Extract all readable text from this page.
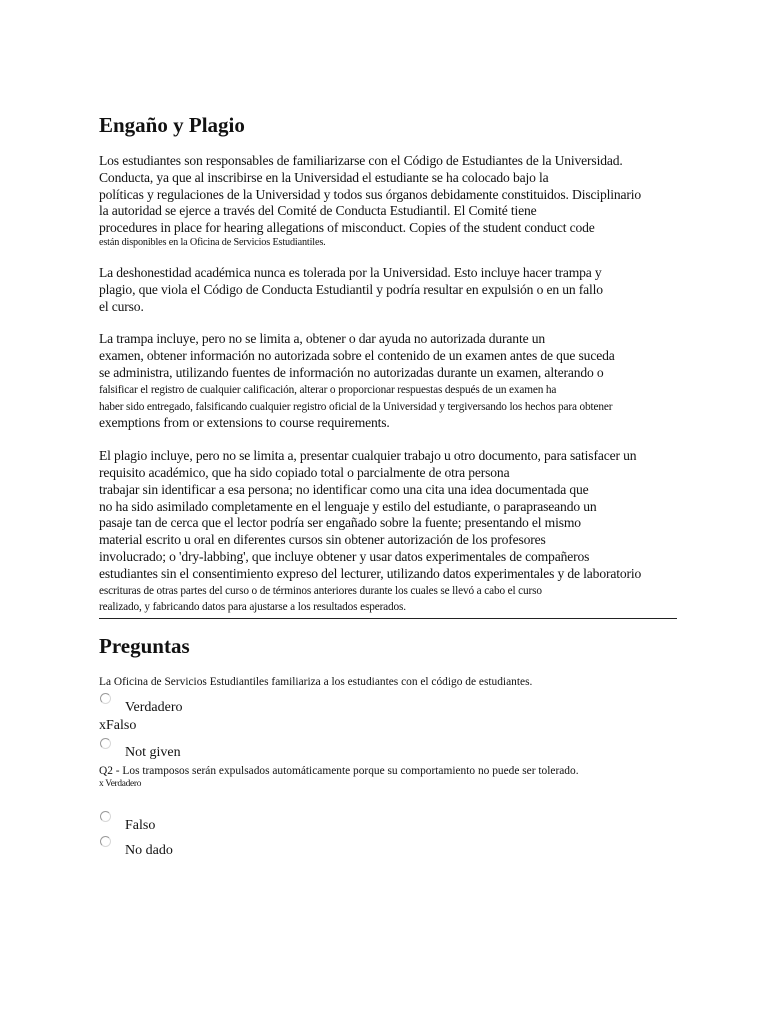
Engaño y Plagio
Los estudiantes son responsables de familiarizarse con el Código de Estudiantes de la Universidad.
Conducta, ya que al inscribirse en la Universidad el estudiante se ha colocado bajo la
políticas y regulaciones de la Universidad y todos sus órganos debidamente constituidos. Disciplinario
la autoridad se ejerce a través del Comité de Conducta Estudiantil. El Comité tiene
procedures in place for hearing allegations of misconduct. Copies of the student conduct code
están disponibles en la Oficina de Servicios Estudiantiles.
La deshonestidad académica nunca es tolerada por la Universidad. Esto incluye hacer trampa y
plagio, que viola el Código de Conducta Estudiantil y podría resultar en expulsión o en un fallo
el curso.
La trampa incluye, pero no se limita a, obtener o dar ayuda no autorizada durante un
examen, obtener información no autorizada sobre el contenido de un examen antes de que suceda
se administra, utilizando fuentes de información no autorizadas durante un examen, alterando o
falsificar el registro de cualquier calificación, alterar o proporcionar respuestas después de un examen ha
haber sido entregado, falsificando cualquier registro oficial de la Universidad y tergiversando los hechos para obtener
exemptions from or extensions to course requirements.
El plagio incluye, pero no se limita a, presentar cualquier trabajo u otro documento, para satisfacer un
requisito académico, que ha sido copiado total o parcialmente de otra persona
trabajar sin identificar a esa persona; no identificar como una cita una idea documentada que
no ha sido asimilado completamente en el lenguaje y estilo del estudiante, o parapraseando un
pasaje tan de cerca que el lector podría ser engañado sobre la fuente; presentando el mismo
material escrito u oral en diferentes cursos sin obtener autorización de los profesores
involucrado; o 'dry-labbing', que incluye obtener y usar datos experimentales de compañeros
estudiantes sin el consentimiento expreso del lecturer, utilizando datos experimentales y de laboratorio
escrituras de otras partes del curso o de términos anteriores durante los cuales se llevó a cabo el curso
realizado, y fabricando datos para ajustarse a los resultados esperados.
Preguntas

La Oficina de Servicios Estudiantiles familiariza a los estudiantes con el código de estudiantes.

Verdadero
xFalso
Not given

Q2 - Los tramposos serán expulsados automáticamente porque su comportamiento no puede ser tolerado.

x Verdadero
Falso
No dado
